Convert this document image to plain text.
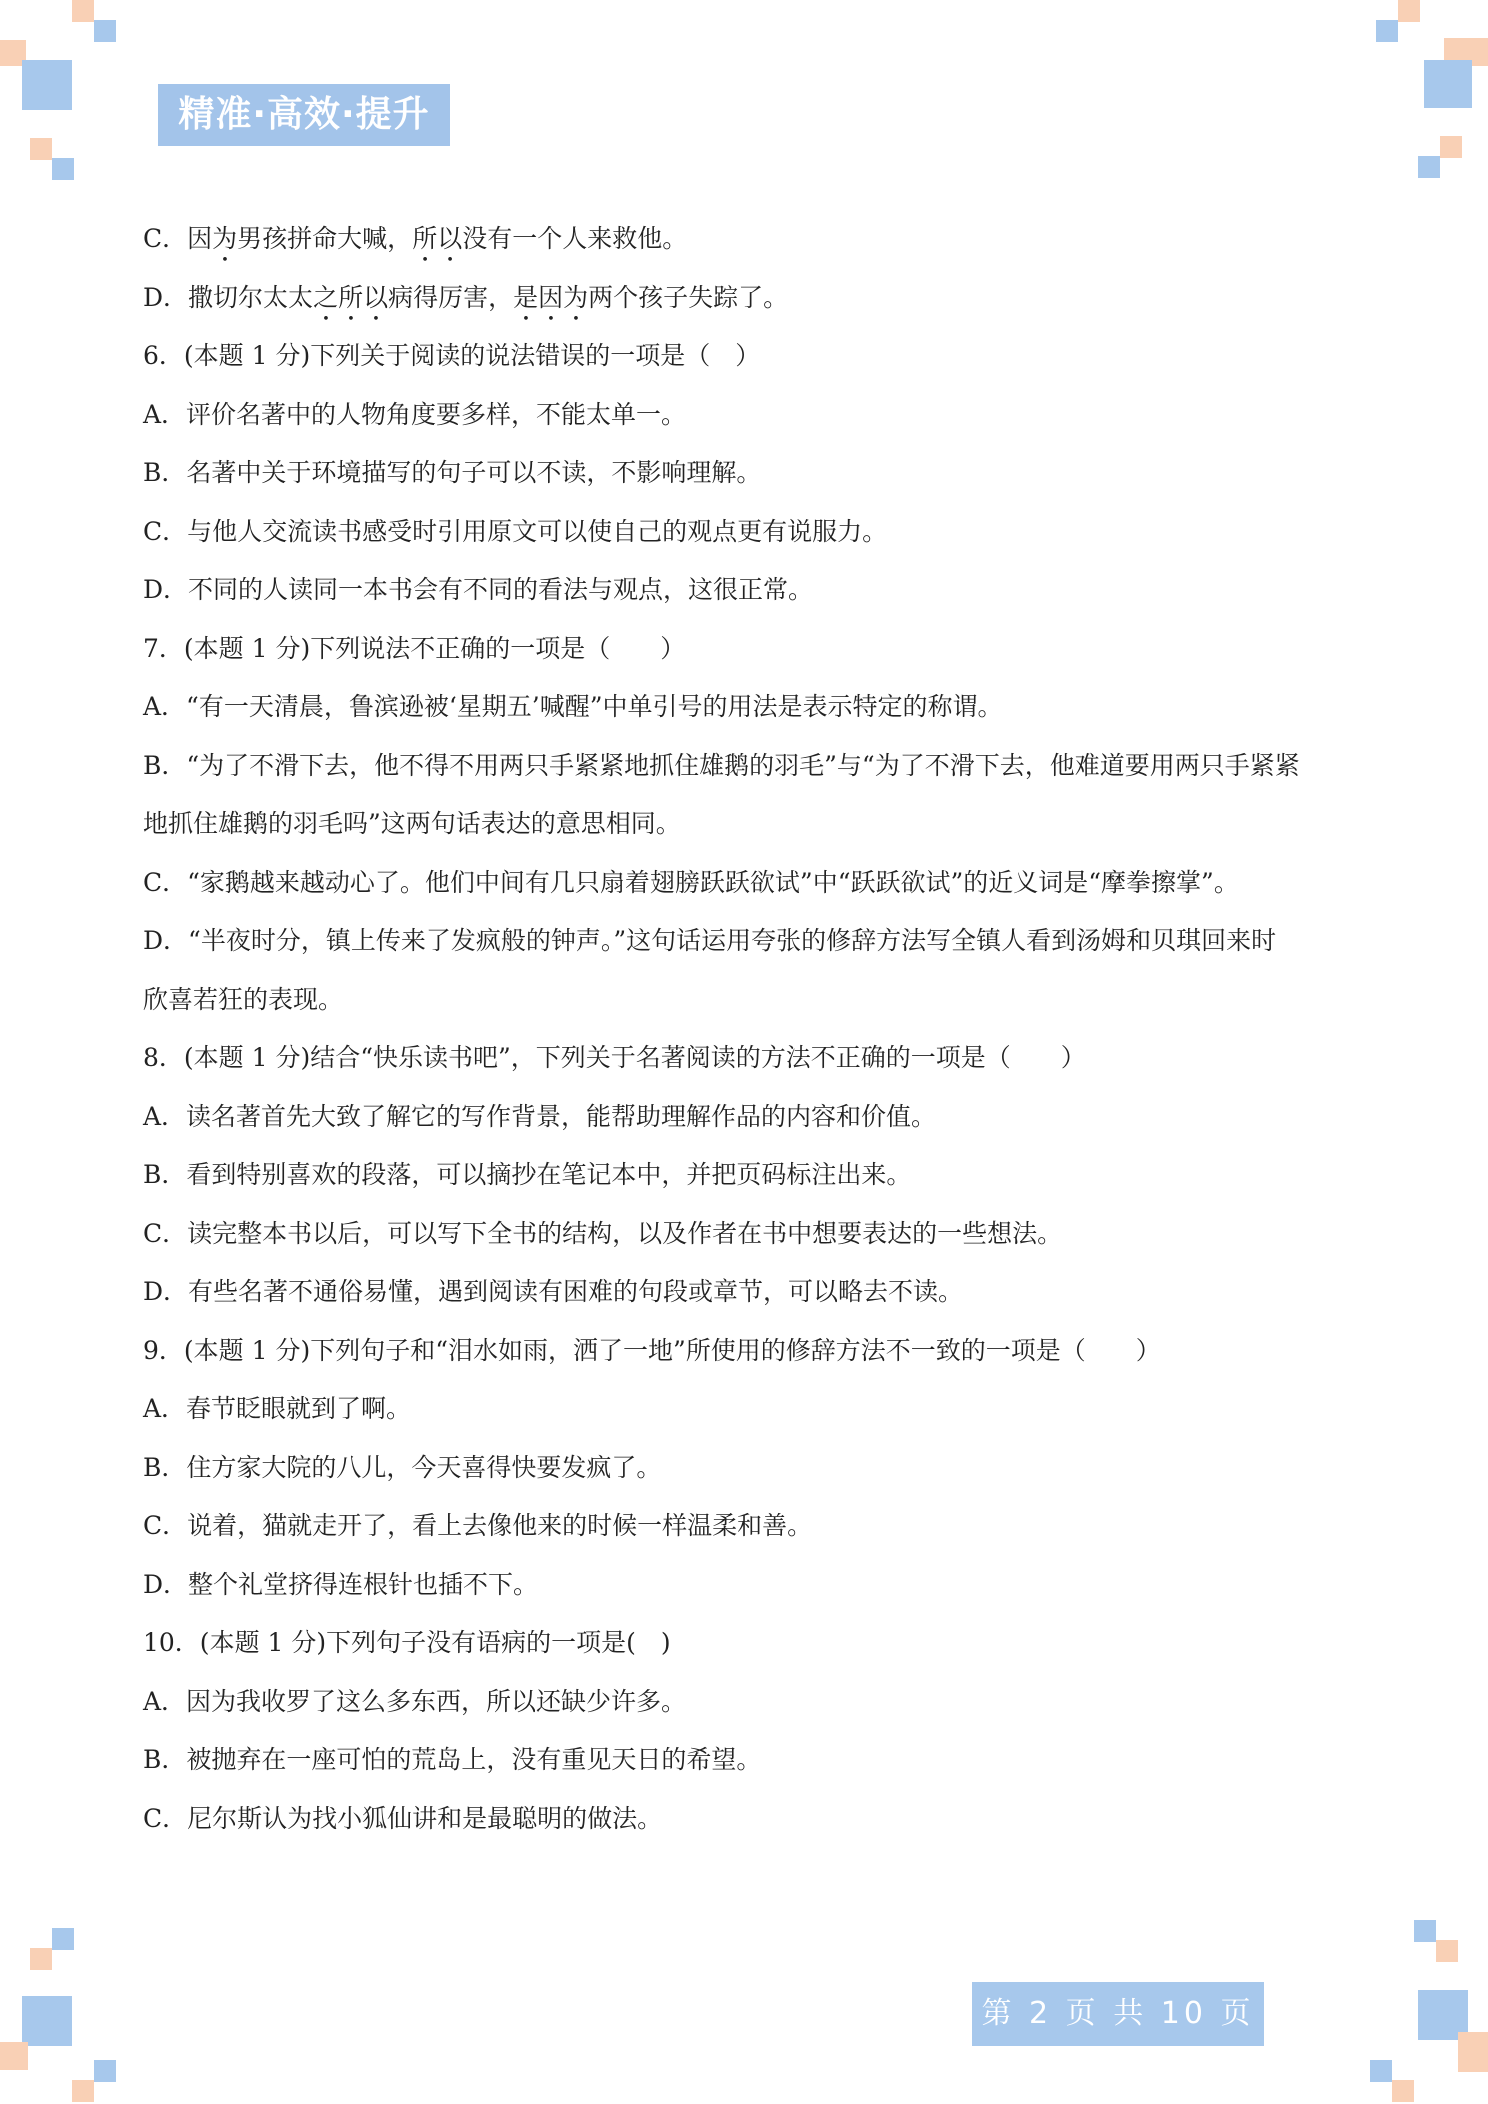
精准·高效·提升
C．因为男孩拼命大喊，所以没有一个人来救他。
D．撒切尔太太之所以病得厉害，是因为两个孩子失踪了。
6．(本题 1 分)下列关于阅读的说法错误的一项是（　）
A．评价名著中的人物角度要多样，不能太单一。
B．名著中关于环境描写的句子可以不读，不影响理解。
C．与他人交流读书感受时引用原文可以使自己的观点更有说服力。
D．不同的人读同一本书会有不同的看法与观点，这很正常。
7．(本题 1 分)下列说法不正确的一项是（　　）
A．“有一天清晨，鲁滨逊被‘星期五’喊醒”中单引号的用法是表示特定的称谓。
B．“为了不滑下去，他不得不用两只手紧紧地抓住雄鹅的羽毛”与“为了不滑下去，他难道要用两只手紧紧
地抓住雄鹅的羽毛吗”这两句话表达的意思相同。
C．“家鹅越来越动心了。他们中间有几只扇着翅膀跃跃欲试”中“跃跃欲试”的近义词是“摩拳擦掌”。
D．“半夜时分，镇上传来了发疯般的钟声。”这句话运用夸张的修辞方法写全镇人看到汤姆和贝琪回来时
欣喜若狂的表现。
8．(本题 1 分)结合“快乐读书吧”，下列关于名著阅读的方法不正确的一项是（　　）
A．读名著首先大致了解它的写作背景，能帮助理解作品的内容和价值。
B．看到特别喜欢的段落，可以摘抄在笔记本中，并把页码标注出来。
C．读完整本书以后，可以写下全书的结构，以及作者在书中想要表达的一些想法。
D．有些名著不通俗易懂，遇到阅读有困难的句段或章节，可以略去不读。
9．(本题 1 分)下列句子和“泪水如雨，洒了一地”所使用的修辞方法不一致的一项是（　　）
A．春节眨眼就到了啊。
B．住方家大院的八儿，今天喜得快要发疯了。
C．说着，猫就走开了，看上去像他来的时候一样温柔和善。
D．整个礼堂挤得连根针也插不下。
10．(本题 1 分)下列句子没有语病的一项是(　)
A．因为我收罗了这么多东西，所以还缺少许多。
B．被抛弃在一座可怕的荒岛上，没有重见天日的希望。
C．尼尔斯认为找小狐仙讲和是最聪明的做法。
第 2 页 共 10 页
